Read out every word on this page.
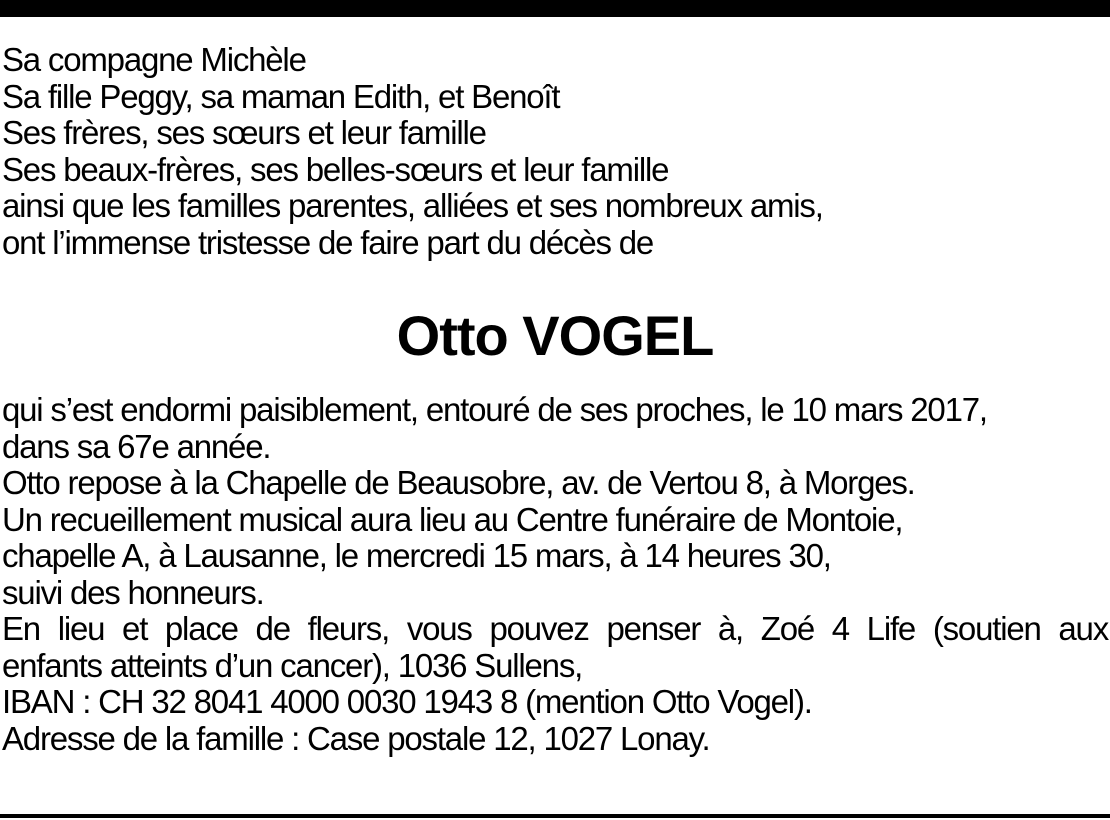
Sa compagne Michèle
Sa fille Peggy, sa maman Edith, et Benoît
Ses frères, ses sœurs et leur famille
Ses beaux-frères, ses belles-sœurs et leur famille
ainsi que les familles parentes, alliées et ses nombreux amis,
ont l’immense tristesse de faire part du décès de
Otto VOGEL
qui s’est endormi paisiblement, entouré de ses proches, le 10 mars 2017,
dans sa 67e année.
Otto repose à la Chapelle de Beausobre, av. de Vertou 8, à Morges.
Un recueillement musical aura lieu au Centre funéraire de Montoie,
chapelle A, à Lausanne, le mercredi 15 mars, à 14 heures 30,
suivi des honneurs.
En lieu et place de fleurs, vous pouvez penser à, Zoé 4 Life (soutien aux
enfants atteints d’un cancer), 1036 Sullens,
IBAN : CH 32 8041 4000 0030 1943 8 (mention Otto Vogel).
Adresse de la famille : Case postale 12, 1027 Lonay.
